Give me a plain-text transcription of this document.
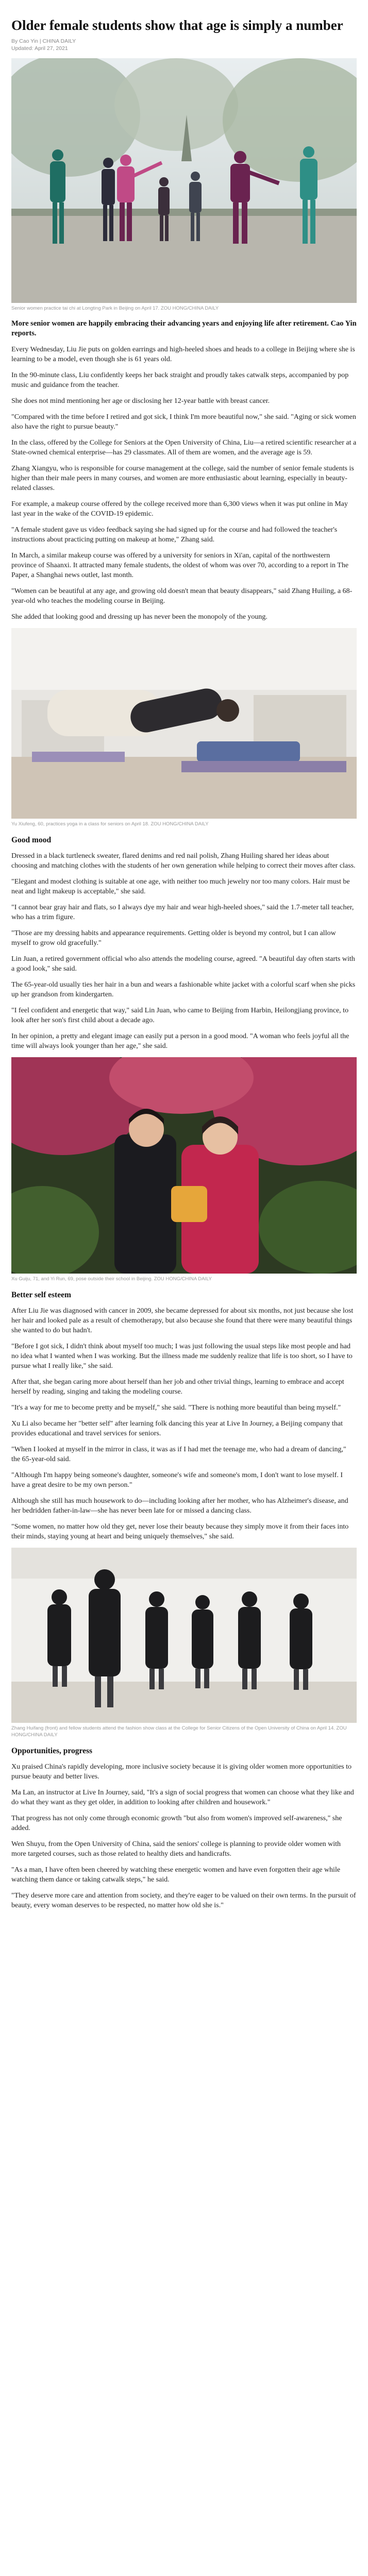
Older female students show that age is simply a number
By Cao Yin | CHINA DAILY
Updated: April 27, 2021
Senior women practice tai chi at Longting Park in Beijing on April 17. ZOU HONG/CHINA DAILY
More senior women are happily embracing their advancing years and enjoying life after retirement. Cao Yin reports.

Every Wednesday, Liu Jie puts on golden earrings and high-heeled shoes and heads to a college in Beijing where she is learning to be a model, even though she is 61 years old.

In the 90-minute class, Liu confidently keeps her back straight and proudly takes catwalk steps, accompanied by pop music and guidance from the teacher.

She does not mind mentioning her age or disclosing her 12-year battle with breast cancer.

"Compared with the time before I retired and got sick, I think I'm more beautiful now," she said. "Aging or sick women also have the right to pursue beauty."

In the class, offered by the College for Seniors at the Open University of China, Liu—a retired scientific researcher at a State-owned chemical enterprise—has 29 classmates. All of them are women, and the average age is 59.

Zhang Xiangyu, who is responsible for course management at the college, said the number of senior female students is higher than their male peers in many courses, and women are more enthusiastic about learning, especially in beauty-related classes.

For example, a makeup course offered by the college received more than 6,300 views when it was put online in May last year in the wake of the COVID-19 epidemic.

"A female student gave us video feedback saying she had signed up for the course and had followed the teacher's instructions about practicing putting on makeup at home," Zhang said.

In March, a similar makeup course was offered by a university for seniors in Xi'an, capital of the northwestern province of Shaanxi. It attracted many female students, the oldest of whom was over 70, according to a report in The Paper, a Shanghai news outlet, last month.

"Women can be beautiful at any age, and growing old doesn't mean that beauty disappears," said Zhang Huiling, a 68-year-old who teaches the modeling course in Beijing.

She added that looking good and dressing up has never been the monopoly of the young.

Yu Xiufeng, 60, practices yoga in a class for seniors on April 18. ZOU HONG/CHINA DAILY
Good mood

Dressed in a black turtleneck sweater, flared denims and red nail polish, Zhang Huiling shared her ideas about choosing and matching clothes with the students of her own generation while helping to correct their moves after class.

"Elegant and modest clothing is suitable at one age, with neither too much jewelry nor too many colors. Hair must be neat and light makeup is acceptable," she said.

"I cannot bear gray hair and flats, so I always dye my hair and wear high-heeled shoes," said the 1.7-meter tall teacher, who has a trim figure.

"Those are my dressing habits and appearance requirements. Getting older is beyond my control, but I can allow myself to grow old gracefully."

Lin Juan, a retired government official who also attends the modeling course, agreed. "A beautiful day often starts with a good look," she said.

The 65-year-old usually ties her hair in a bun and wears a fashionable white jacket with a colorful scarf when she picks up her grandson from kindergarten.

"I feel confident and energetic that way," said Lin Juan, who came to Beijing from Harbin, Heilongjiang province, to look after her son's first child about a decade ago.

In her opinion, a pretty and elegant image can easily put a person in a good mood. "A woman who feels joyful all the time will always look younger than her age," she said.

Xu Guiju, 71, and Yi Run, 69, pose outside their school in Beijing. ZOU HONG/CHINA DAILY
Better self esteem

After Liu Jie was diagnosed with cancer in 2009, she became depressed for about six months, not just because she lost her hair and looked pale as a result of chemotherapy, but also because she found that there were many beautiful things she wanted to do but hadn't.

"Before I got sick, I didn't think about myself too much; I was just following the usual steps like most people and had no idea what I wanted when I was working. But the illness made me suddenly realize that life is too short, so I have to pursue what I really like," she said.

After that, she began caring more about herself than her job and other trivial things, learning to embrace and accept herself by reading, singing and taking the modeling course.

"It's a way for me to become pretty and be myself," she said. "There is nothing more beautiful than being myself."

Xu Li also became her "better self" after learning folk dancing this year at Live In Journey, a Beijing company that provides educational and travel services for seniors.

"When I looked at myself in the mirror in class, it was as if I had met the teenage me, who had a dream of dancing," the 65-year-old said.

"Although I'm happy being someone's daughter, someone's wife and someone's mom, I don't want to lose myself. I have a great desire to be my own person."

Although she still has much housework to do—including looking after her mother, who has Alzheimer's disease, and her bedridden father-in-law—she has never been late for or missed a dancing class.

"Some women, no matter how old they get, never lose their beauty because they simply move it from their faces into their minds, staying young at heart and being uniquely themselves," she said.

Zhang Huifang (front) and fellow students attend the fashion show class at the College for Senior Citizens of the Open University of China on April 14. ZOU HONG/CHINA DAILY
Opportunities, progress

Xu praised China's rapidly developing, more inclusive society because it is giving older women more opportunities to pursue beauty and better lives.

Ma Lan, an instructor at Live In Journey, said, "It's a sign of social progress that women can choose what they like and do what they want as they get older, in addition to looking after children and housework."

That progress has not only come through economic growth "but also from women's improved self-awareness," she added.

Wen Shuyu, from the Open University of China, said the seniors' college is planning to provide older women with more targeted courses, such as those related to healthy diets and handicrafts.

"As a man, I have often been cheered by watching these energetic women and have even forgotten their age while watching them dance or taking catwalk steps," he said.

"They deserve more care and attention from society, and they're eager to be valued on their own terms. In the pursuit of beauty, every woman deserves to be respected, no matter how old she is."
